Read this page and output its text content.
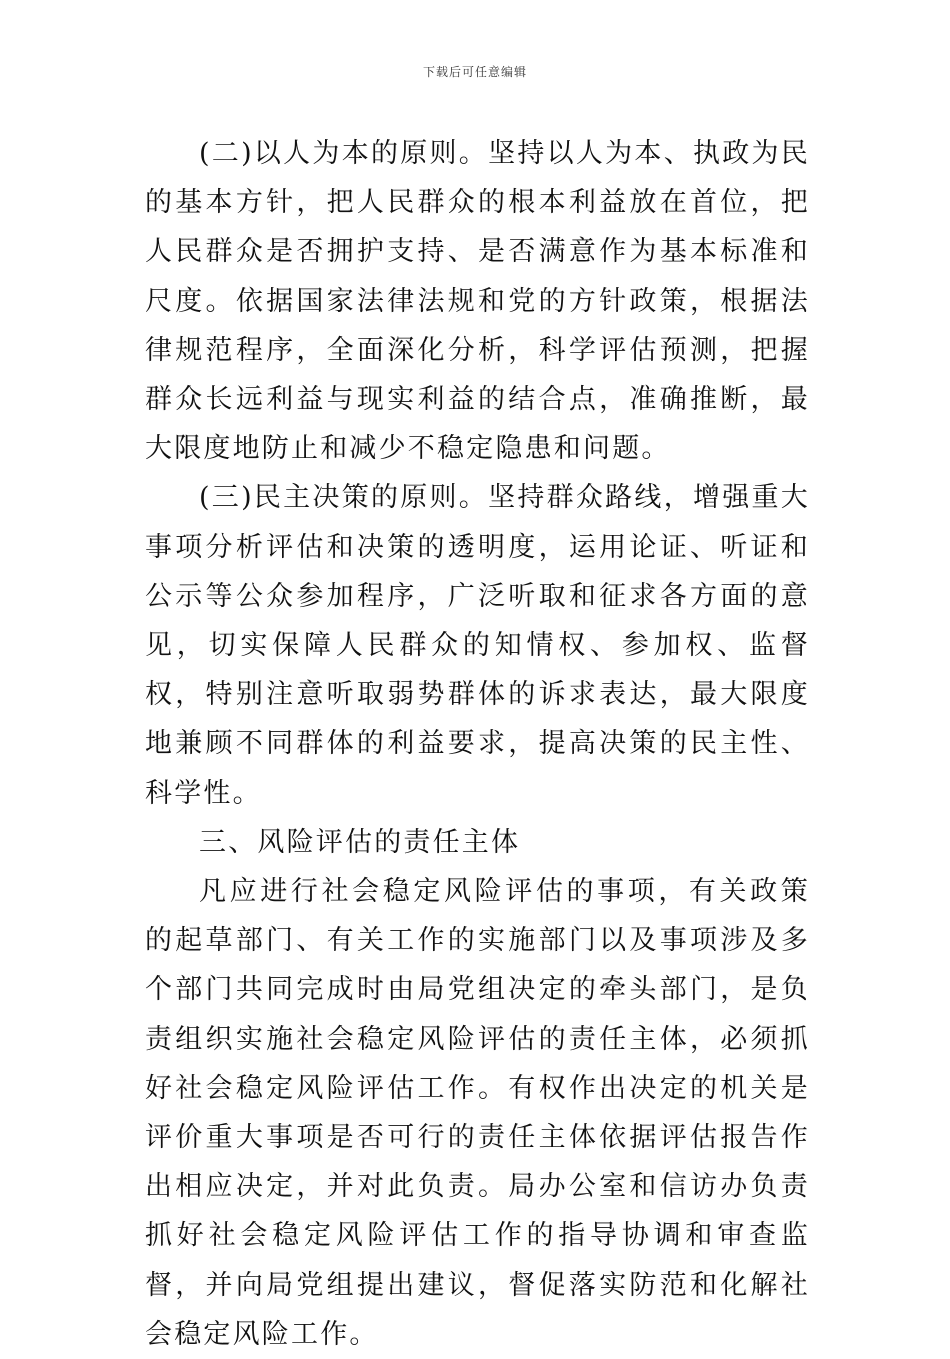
下载后可任意编辑

(二)以人为本的原则。坚持以人为本、执政为民的基本方针，把人民群众的根本利益放在首位，把人民群众是否拥护支持、是否满意作为基本标准和尺度。依据国家法律法规和党的方针政策，根据法律规范程序，全面深化分析，科学评估预测，把握群众长远利益与现实利益的结合点，准确推断，最大限度地防止和减少不稳定隐患和问题。

(三)民主决策的原则。坚持群众路线，增强重大事项分析评估和决策的透明度，运用论证、听证和公示等公众参加程序，广泛听取和征求各方面的意见，切实保障人民群众的知情权、参加权、监督权，特别注意听取弱势群体的诉求表达，最大限度地兼顾不同群体的利益要求，提高决策的民主性、科学性。

三、风险评估的责任主体

凡应进行社会稳定风险评估的事项，有关政策的起草部门、有关工作的实施部门以及事项涉及多个部门共同完成时由局党组决定的牵头部门，是负责组织实施社会稳定风险评估的责任主体，必须抓好社会稳定风险评估工作。有权作出决定的机关是评价重大事项是否可行的责任主体依据评估报告作出相应决定，并对此负责。局办公室和信访办负责抓好社会稳定风险评估工作的指导协调和审查监督，并向局党组提出建议，督促落实防范和化解社会稳定风险工作。
